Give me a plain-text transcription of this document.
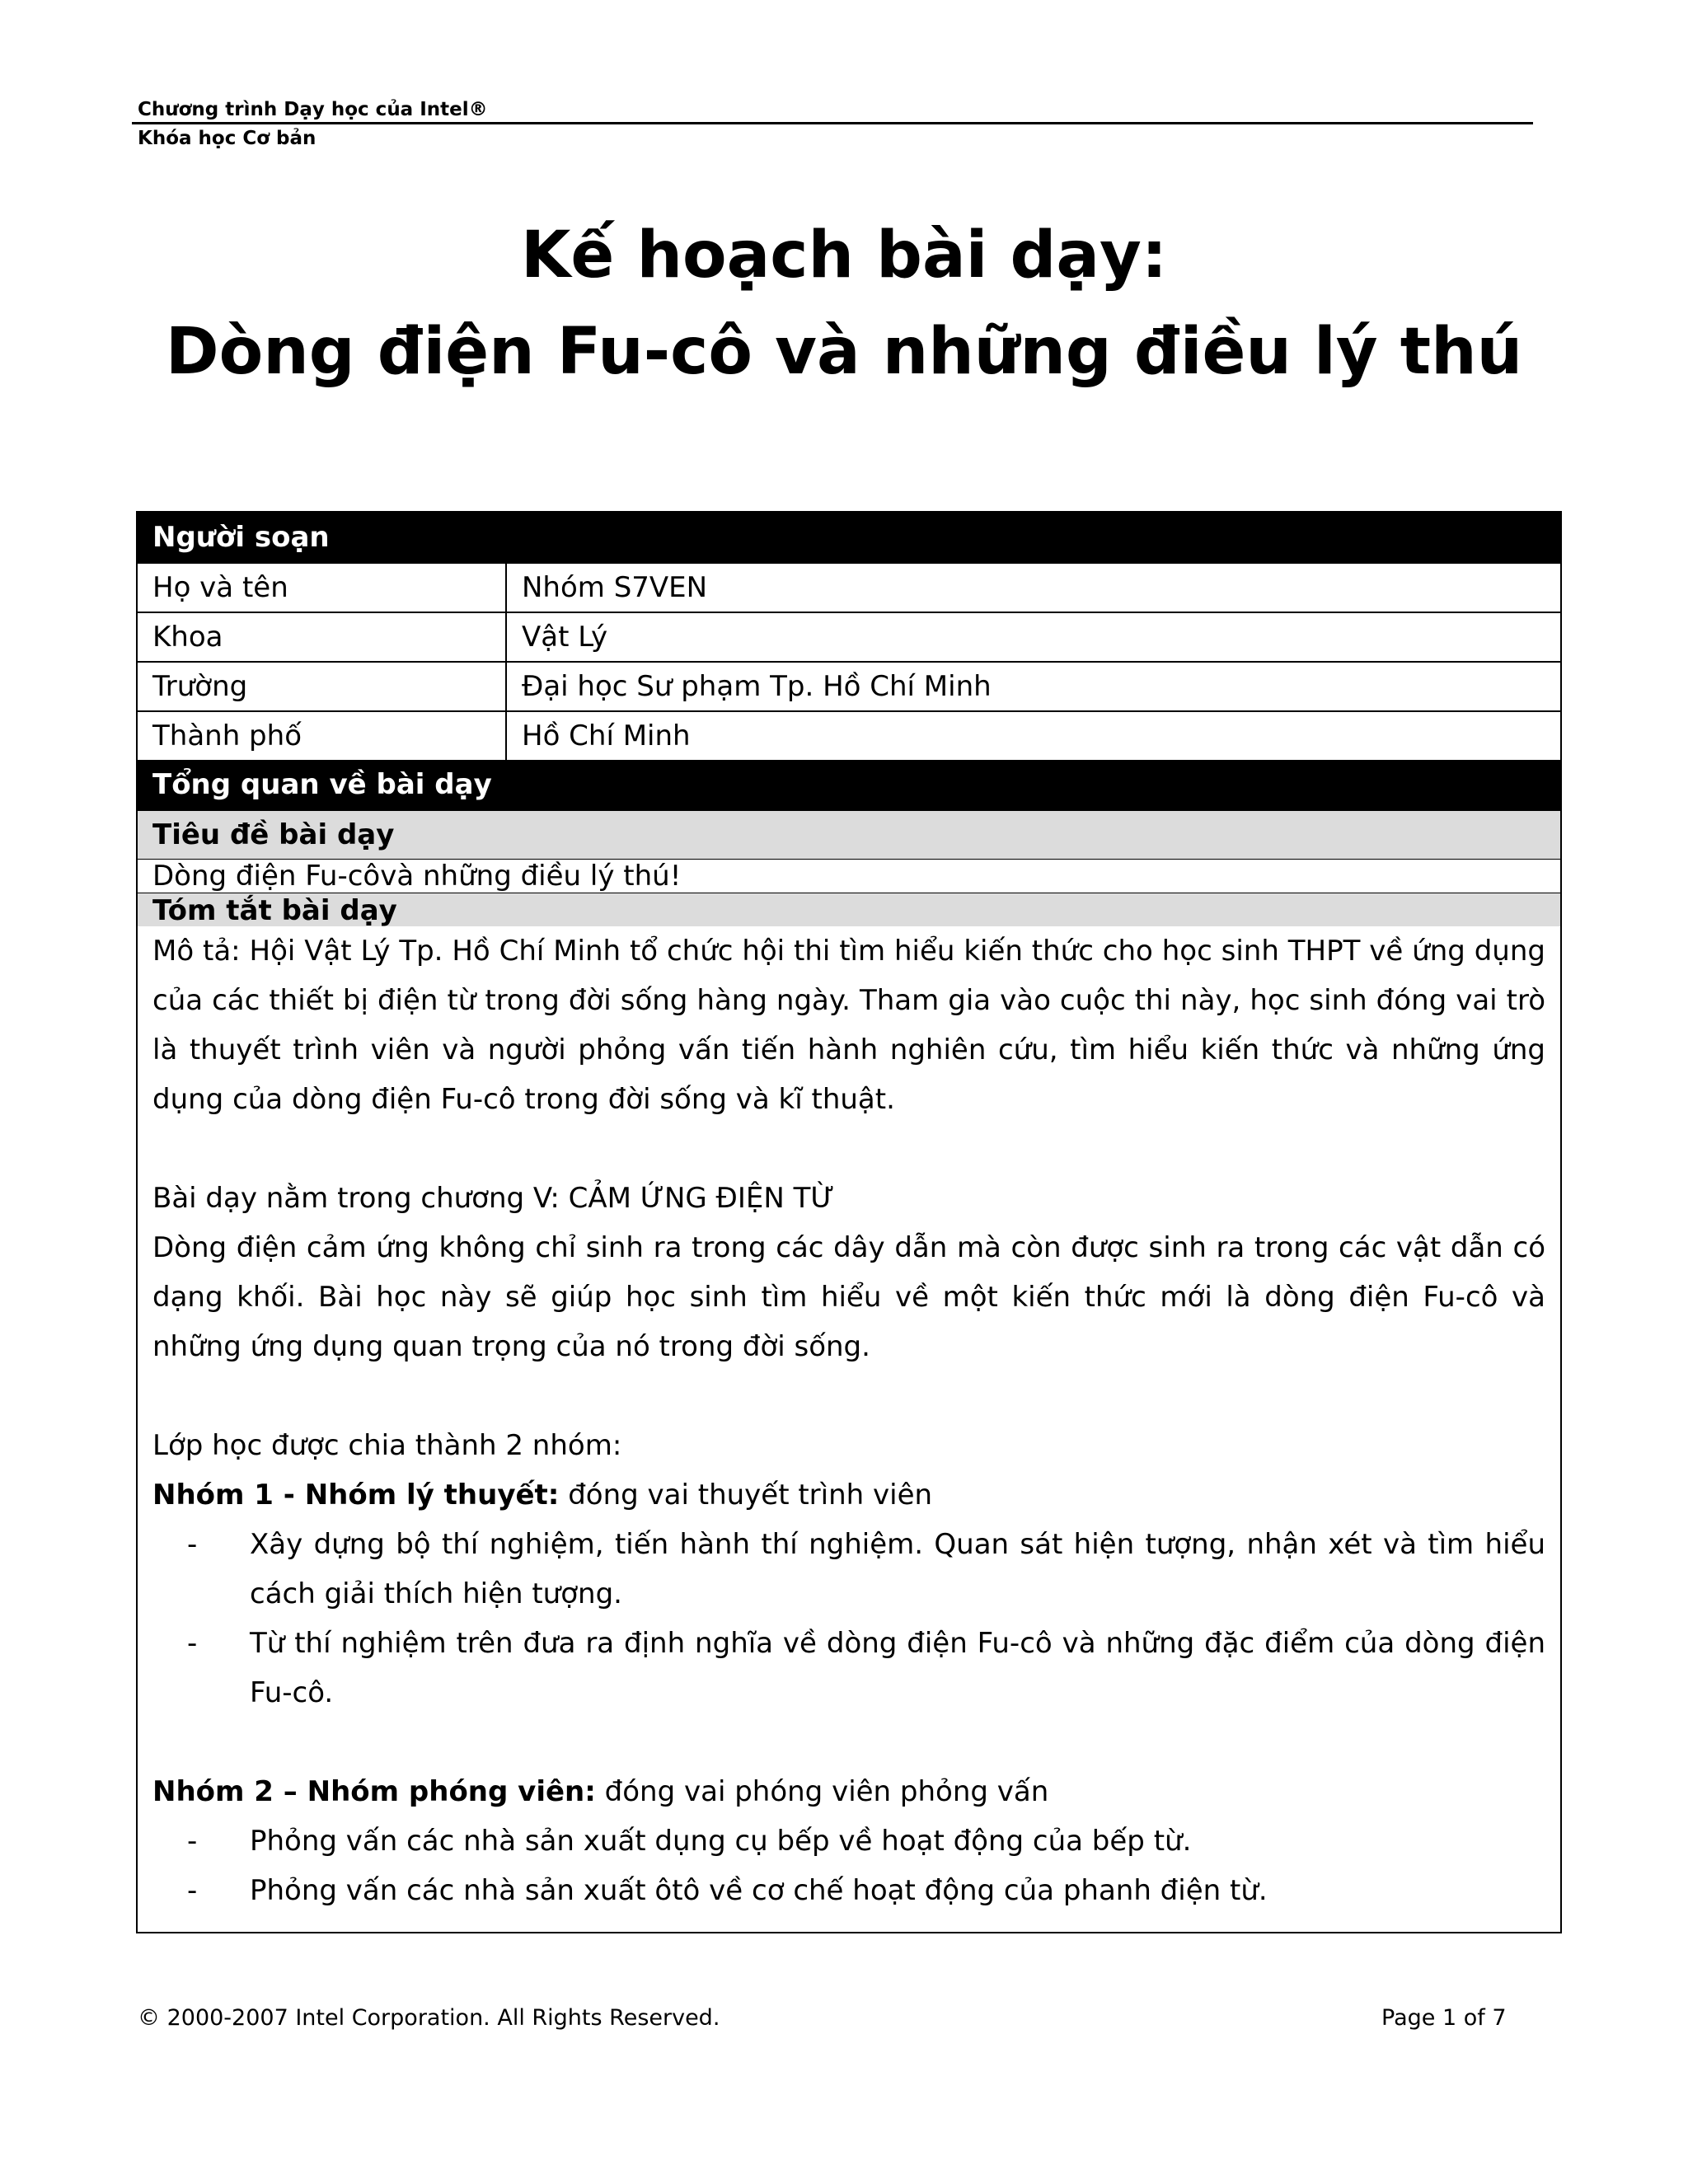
Chương trình Dạy học của Intel®
Khóa học Cơ bản
Kế hoạch bài dạy:
Dòng điện Fu-cô và những điều lý thú
Người soạn
Họ và tên	Nhóm S7VEN
Khoa	Vật Lý
Trường	Đại học Sư phạm Tp. Hồ Chí Minh
Thành phố	Hồ Chí Minh
Tổng quan về bài dạy
Tiêu đề bài dạy
Dòng điện Fu-côvà những điều lý thú!
Tóm tắt bài dạy

Mô tả: Hội Vật Lý Tp. Hồ Chí Minh tổ chức hội thi tìm hiểu kiến thức cho học sinh THPT về ứng dụng của các thiết bị điện từ trong đời sống hàng ngày. Tham gia vào cuộc thi này, học sinh đóng vai trò là thuyết trình viên và người phỏng vấn tiến hành nghiên cứu, tìm hiểu kiến thức và những ứng dụng của dòng điện Fu-cô trong đời sống và kĩ thuật.

Bài dạy nằm trong chương V: CẢM ỨNG ĐIỆN TỪ

Dòng điện cảm ứng không chỉ sinh ra trong các dây dẫn mà còn được sinh ra trong các vật dẫn có dạng khối. Bài học này sẽ giúp học sinh tìm hiểu về một kiến thức mới là dòng điện Fu-cô và những ứng dụng quan trọng của nó trong đời sống.

Lớp học được chia thành 2 nhóm:

Nhóm 1 - Nhóm lý thuyết: đóng vai thuyết trình viên

-	Xây dựng bộ thí nghiệm, tiến hành thí nghiệm. Quan sát hiện tượng, nhận xét và tìm hiểu cách giải thích hiện tượng.
-	Từ thí nghiệm trên đưa ra định nghĩa về dòng điện Fu-cô và những đặc điểm của dòng điện Fu-cô.

Nhóm 2 – Nhóm phóng viên: đóng vai phóng viên phỏng vấn

-	Phỏng vấn các nhà sản xuất dụng cụ bếp về hoạt động của bếp từ.
-	Phỏng vấn các nhà sản xuất ôtô về cơ chế hoạt động của phanh điện từ.
© 2000-2007 Intel Corporation. All Rights Reserved.	Page 1 of 7
